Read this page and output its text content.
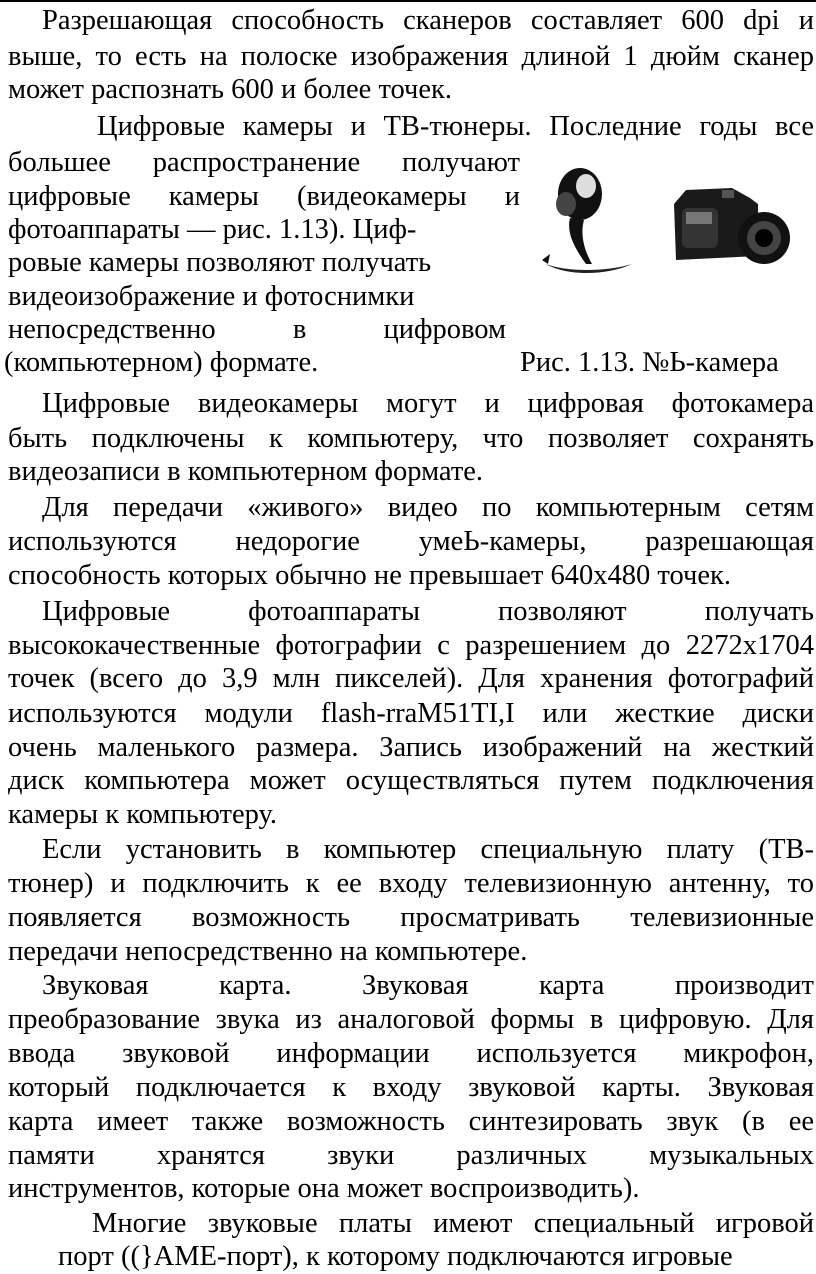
Разрешающая способность сканеров составляет 600 dpi и
выше, то есть на полоске изображения длиной 1 дюйм сканер
может распознать 600 и более точек.
Цифровые камеры и ТВ-тюнеры. Последние годы все
большее распространение получают
цифровые камеры (видеокамеры и
фотоаппараты — рис. 1.13). Циф-
ровые камеры позволяют получать
видеоизображение и фотоснимки
непосредственно в цифровом
(компьютерном) формате.	Рис. 1.13. №Ь-камера
Цифровые видеокамеры могут и цифровая фотокамера
быть подключены к компьютеру, что позволяет сохранять
видеозаписи в компьютерном формате.
Для передачи «живого» видео по компьютерным сетям
используются недорогие умеЬ-камеры, разрешающая
способность которых обычно не превышает 640x480 точек.
Цифровые фотоаппараты позволяют получать
высококачественные фотографии с разрешением до 2272x1704
точек (всего до 3,9 млн пикселей). Для хранения фотографий
используются модули flash-rraM51TI,I или жесткие диски
очень маленького размера. Запись изображений на жесткий
диск компьютера может осуществляться путем подключения
камеры к компьютеру.
Если установить в компьютер специальную плату (ТВ-
тюнер) и подключить к ее входу телевизионную антенну, то
появляется возможность просматривать телевизионные
передачи непосредственно на компьютере.
Звуковая карта. Звуковая карта производит
преобразование звука из аналоговой формы в цифровую. Для
ввода звуковой информации используется микрофон,
который подключается к входу звуковой карты. Звуковая
карта имеет также возможность синтезировать звук (в ее
памяти хранятся звуки различных музыкальных
инструментов, которые она может воспроизводить).
Многие звуковые платы имеют специальный игровой
порт ((}АМЕ-порт), к которому подключаются игровые
